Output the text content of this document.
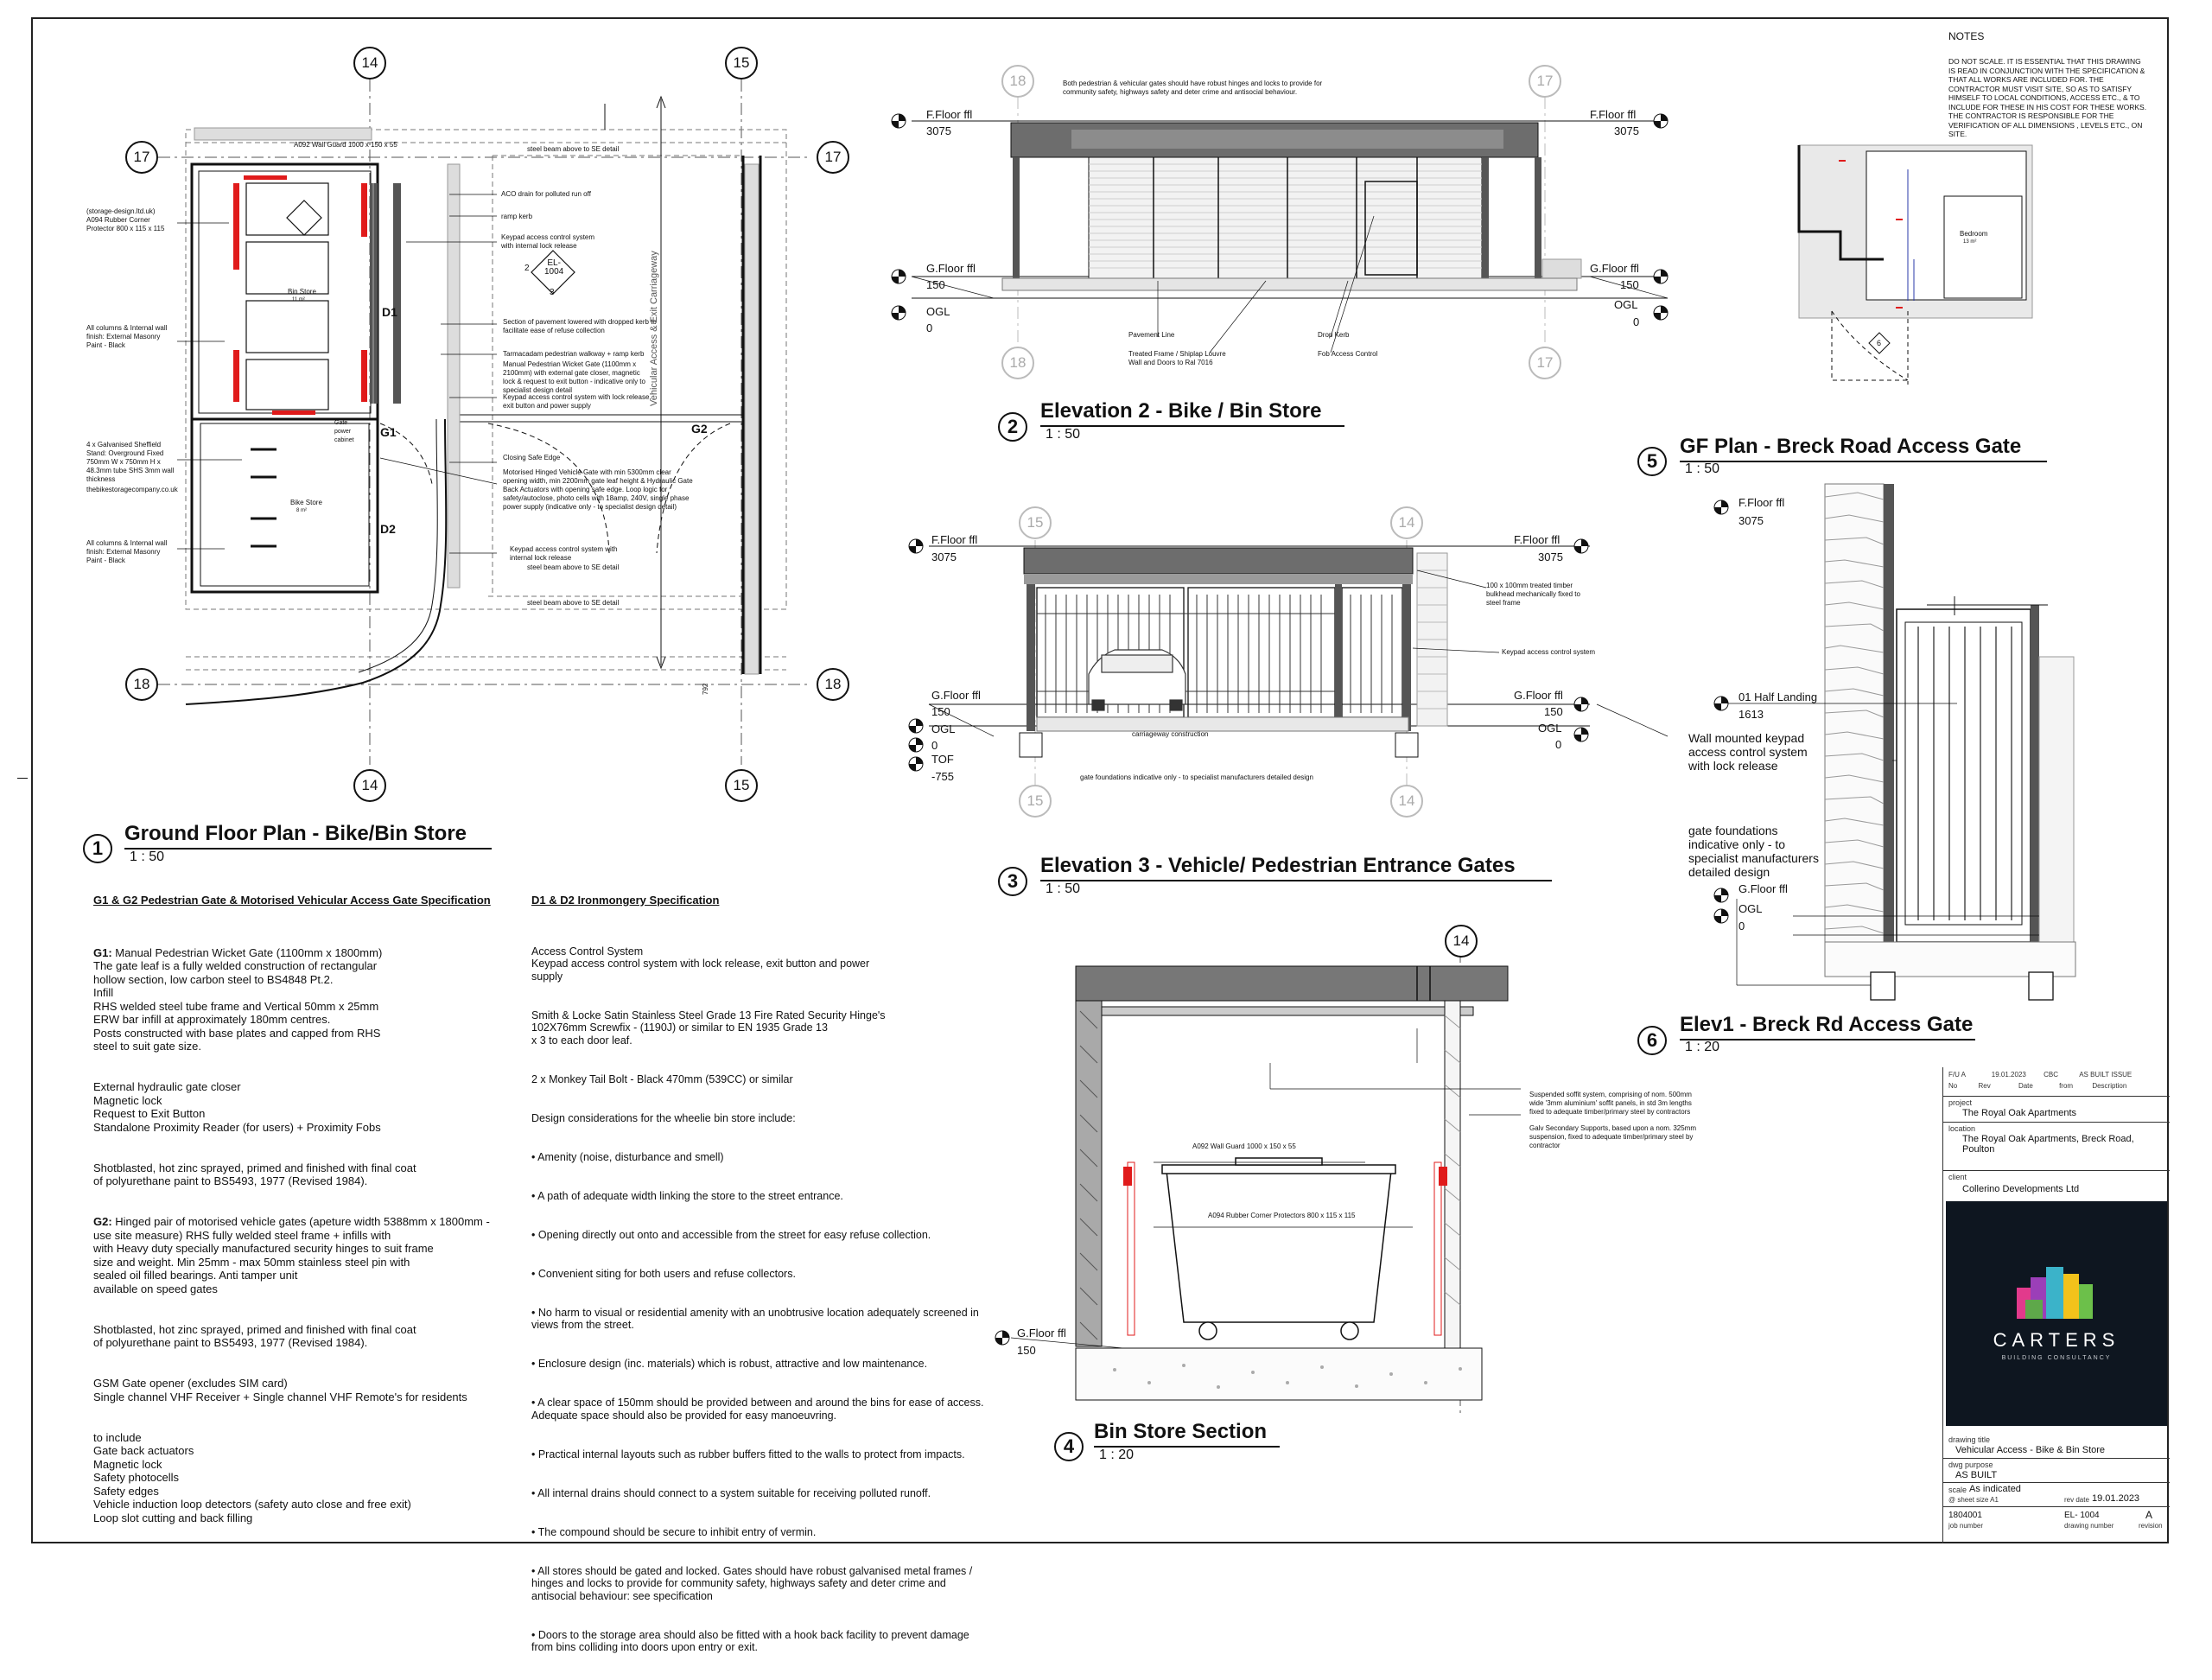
NOTES
DO NOT SCALE. IT IS ESSENTIAL THAT THIS DRAWING IS READ IN CONJUNCTION WITH THE SPECIFICATION & THAT ALL WORKS ARE INCLUDED FOR. THE CONTRACTOR MUST VISIT SITE, SO AS TO SATISFY HIMSELF TO LOCAL CONDITIONS, ACCESS ETC., & TO INCLUDE FOR THESE IN HIS COST FOR THESE WORKS. THE CONTRACTOR IS RESPONSIBLE FOR THE VERIFICATION OF ALL DIMENSIONS , LEVELS ETC., ON SITE.
14	15
17	17
18	18
14	15
A092 Wall Guard 1000 x 150 x 55
steel beam above to SE detail
ACO drain for polluted run off
ramp kerb
Keypad access control system with internal lock release
EL-
1004
2
3
Section of pavement lowered with dropped kerb to facilitate ease of refuse collection
Tarmacadam pedestrian walkway + ramp kerb
Manual Pedestrian Wicket Gate (1100mm x 2100mm) with external gate closer, magnetic lock & request to exit button - indicative only to specialist design detail
Keypad access control system with lock release, exit button and power supply
Closing Safe Edge
Motorised Hinged Vehicle Gate with min 5300mm clear opening width, min 2200mm gate leaf height & Hydraulic Gate Back Actuators with opening safe edge. Loop logic for safety/autoclose, photo cells with 18amp, 240V, single phase power supply (indicative only - to specialist design detail)
Keypad access control system with internal lock release
steel beam above to SE detail
steel beam above to SE detail
(storage-design.ltd.uk)
A094 Rubber Corner
Protector 800 x 115 x 115
All columns & Internal wall
finish: External Masonry
Paint - Black
4 x Galvanised Sheffield
Stand: Overground Fixed
750mm W x 750mm H x
48.3mm tube SHS 3mm wall
thickness
thebikestoragecompany.co.uk
All columns & Internal wall
finish: External Masonry
Paint - Black
Bin Store
11 m²
Bike Store
8 m²
Gate
power
cabinet
D1
D2
G1	G2
Vehicular Access & Exit Carriageway
792
1
Ground Floor Plan - Bike/Bin Store
1 : 50
18	17
18	17
Both pedestrian & vehicular gates should have robust hinges and locks to provide for community safety, highways safety and deter crime and antisocial behaviour.
F.Floor ffl
3075
G.Floor ffl
150
OGL
0
F.Floor ffl
3075
G.Floor ffl
150
OGL
0
Pavement Line
Treated Frame / Shiplap Louvre
Wall and Doors to Ral 7016
Drop Kerb
Fob Access Control
2
Elevation 2 - Bike / Bin Store
1 : 50
15	14
15	14
F.Floor ffl
3075
G.Floor ffl
150
OGL
0
TOF
-755
F.Floor ffl
3075
G.Floor ffl
150
OGL
0
100 x 100mm treated timber bulkhead mechanically fixed to steel frame
Keypad access control system
carriageway construction
gate foundations indicative only - to specialist manufacturers detailed design
3
Elevation 3 - Vehicle/ Pedestrian Entrance Gates
1 : 50
14
Suspended soffit system, comprising of nom. 500mm wide '3mm aluminium' soffit panels, in std 3m lengths fixed to adequate timber/primary steel by contractors
Galv Secondary Supports, based upon a nom. 325mm suspension, fixed to adequate timber/primary steel by contractor
A092 Wall Guard 1000 x 150 x 55
A094 Rubber Corner Protectors 800 x 115 x 115
G.Floor ffl
150
4
Bin Store Section
1 : 20
Bedroom
13 m²
6
5
GF Plan - Breck Road Access Gate
1 : 50
F.Floor ffl
3075
01 Half Landing
1613
Wall mounted keypad
access control system
with lock release
gate foundations
indicative only - to
specialist manufacturers
detailed design
G.Floor ffl
OGL
0
6
Elev1 - Breck Rd Access Gate
1 : 20
G1 & G2 Pedestrian Gate & Motorised Vehicular Access Gate Specification

G1: Manual Pedestrian Wicket Gate (1100mm x 1800mm)
The gate leaf is a fully welded construction of rectangular
hollow section, low carbon steel to BS4848 Pt.2.
Infill
RHS welded steel tube frame and Vertical 50mm x 25mm
ERW bar infill at approximately 180mm centres.
Posts constructed with base plates and capped from RHS
steel to suit gate size.

External hydraulic gate closer
Magnetic lock
Request to Exit Button
Standalone Proximity Reader (for users) + Proximity Fobs

Shotblasted, hot zinc sprayed, primed and finished with final coat
of polyurethane paint to BS5493, 1977 (Revised 1984).

G2: Hinged pair of motorised vehicle gates (apeture width 5388mm x 1800mm -
use site measure) RHS fully welded steel frame + infills with
with Heavy duty specially manufactured security hinges to suit frame
size and weight. Min 25mm - max 50mm stainless steel pin with
sealed oil filled bearings. Anti tamper unit
available on speed gates

Shotblasted, hot zinc sprayed, primed and finished with final coat
of polyurethane paint to BS5493, 1977 (Revised 1984).

GSM Gate opener (excludes SIM card)
Single channel VHF Receiver + Single channel VHF Remote's for residents

to include
Gate back actuators
Magnetic lock
Safety photocells
Safety edges
Vehicle induction loop detectors (safety auto close and free exit)
Loop slot cutting and back filling

D1 & D2 Ironmongery Specification

Access Control System
Keypad access control system with lock release, exit button and power
supply

Smith & Locke Satin Stainless Steel Grade 13 Fire Rated Security Hinge's
102X76mm Screwfix - (1190J) or similar to EN 1935 Grade 13
x 3 to each door leaf.

2 x Monkey Tail Bolt - Black 470mm (539CC) or similar

Design considerations for the wheelie bin store include:

• Amenity (noise, disturbance and smell)

• A path of adequate width linking the store to the street entrance.

• Opening directly out onto and accessible from the street for easy refuse collection.

• Convenient siting for both users and refuse collectors.

• No harm to visual or residential amenity with an unobtrusive location adequately screened in
views from the street.

• Enclosure design (inc. materials) which is robust, attractive and low maintenance.

• A clear space of 150mm should be provided between and around the bins for ease of access.
Adequate space should also be provided for easy manoeuvring.

• Practical internal layouts such as rubber buffers fitted to the walls to protect from impacts.

• All internal drains should connect to a system suitable for receiving polluted runoff.

• The compound should be secure to inhibit entry of vermin.

• All stores should be gated and locked. Gates should have robust galvanised metal frames /
hinges and locks to provide for community safety, highways safety and deter crime and
antisocial behaviour: see specification

• Doors to the storage area should also be fitted with a hook back facility to prevent damage
from bins colliding into doors upon entry or exit.

F/U A	19.01.2023	CBC	AS BUILT ISSUE
No	Rev	Date	from	Description
project
The Royal Oak Apartments
location
The Royal Oak Apartments, Breck Road,
Poulton
client
Collerino Developments Ltd
CARTERS
BUILDING CONSULTANCY
drawing title
Vehicular Access - Bike & Bin Store
dwg purpose
AS BUILT
scale As indicated
@ sheet size A1	rev date 19.01.2023
1804001
job number
EL- 1004
drawing number
A
revision
